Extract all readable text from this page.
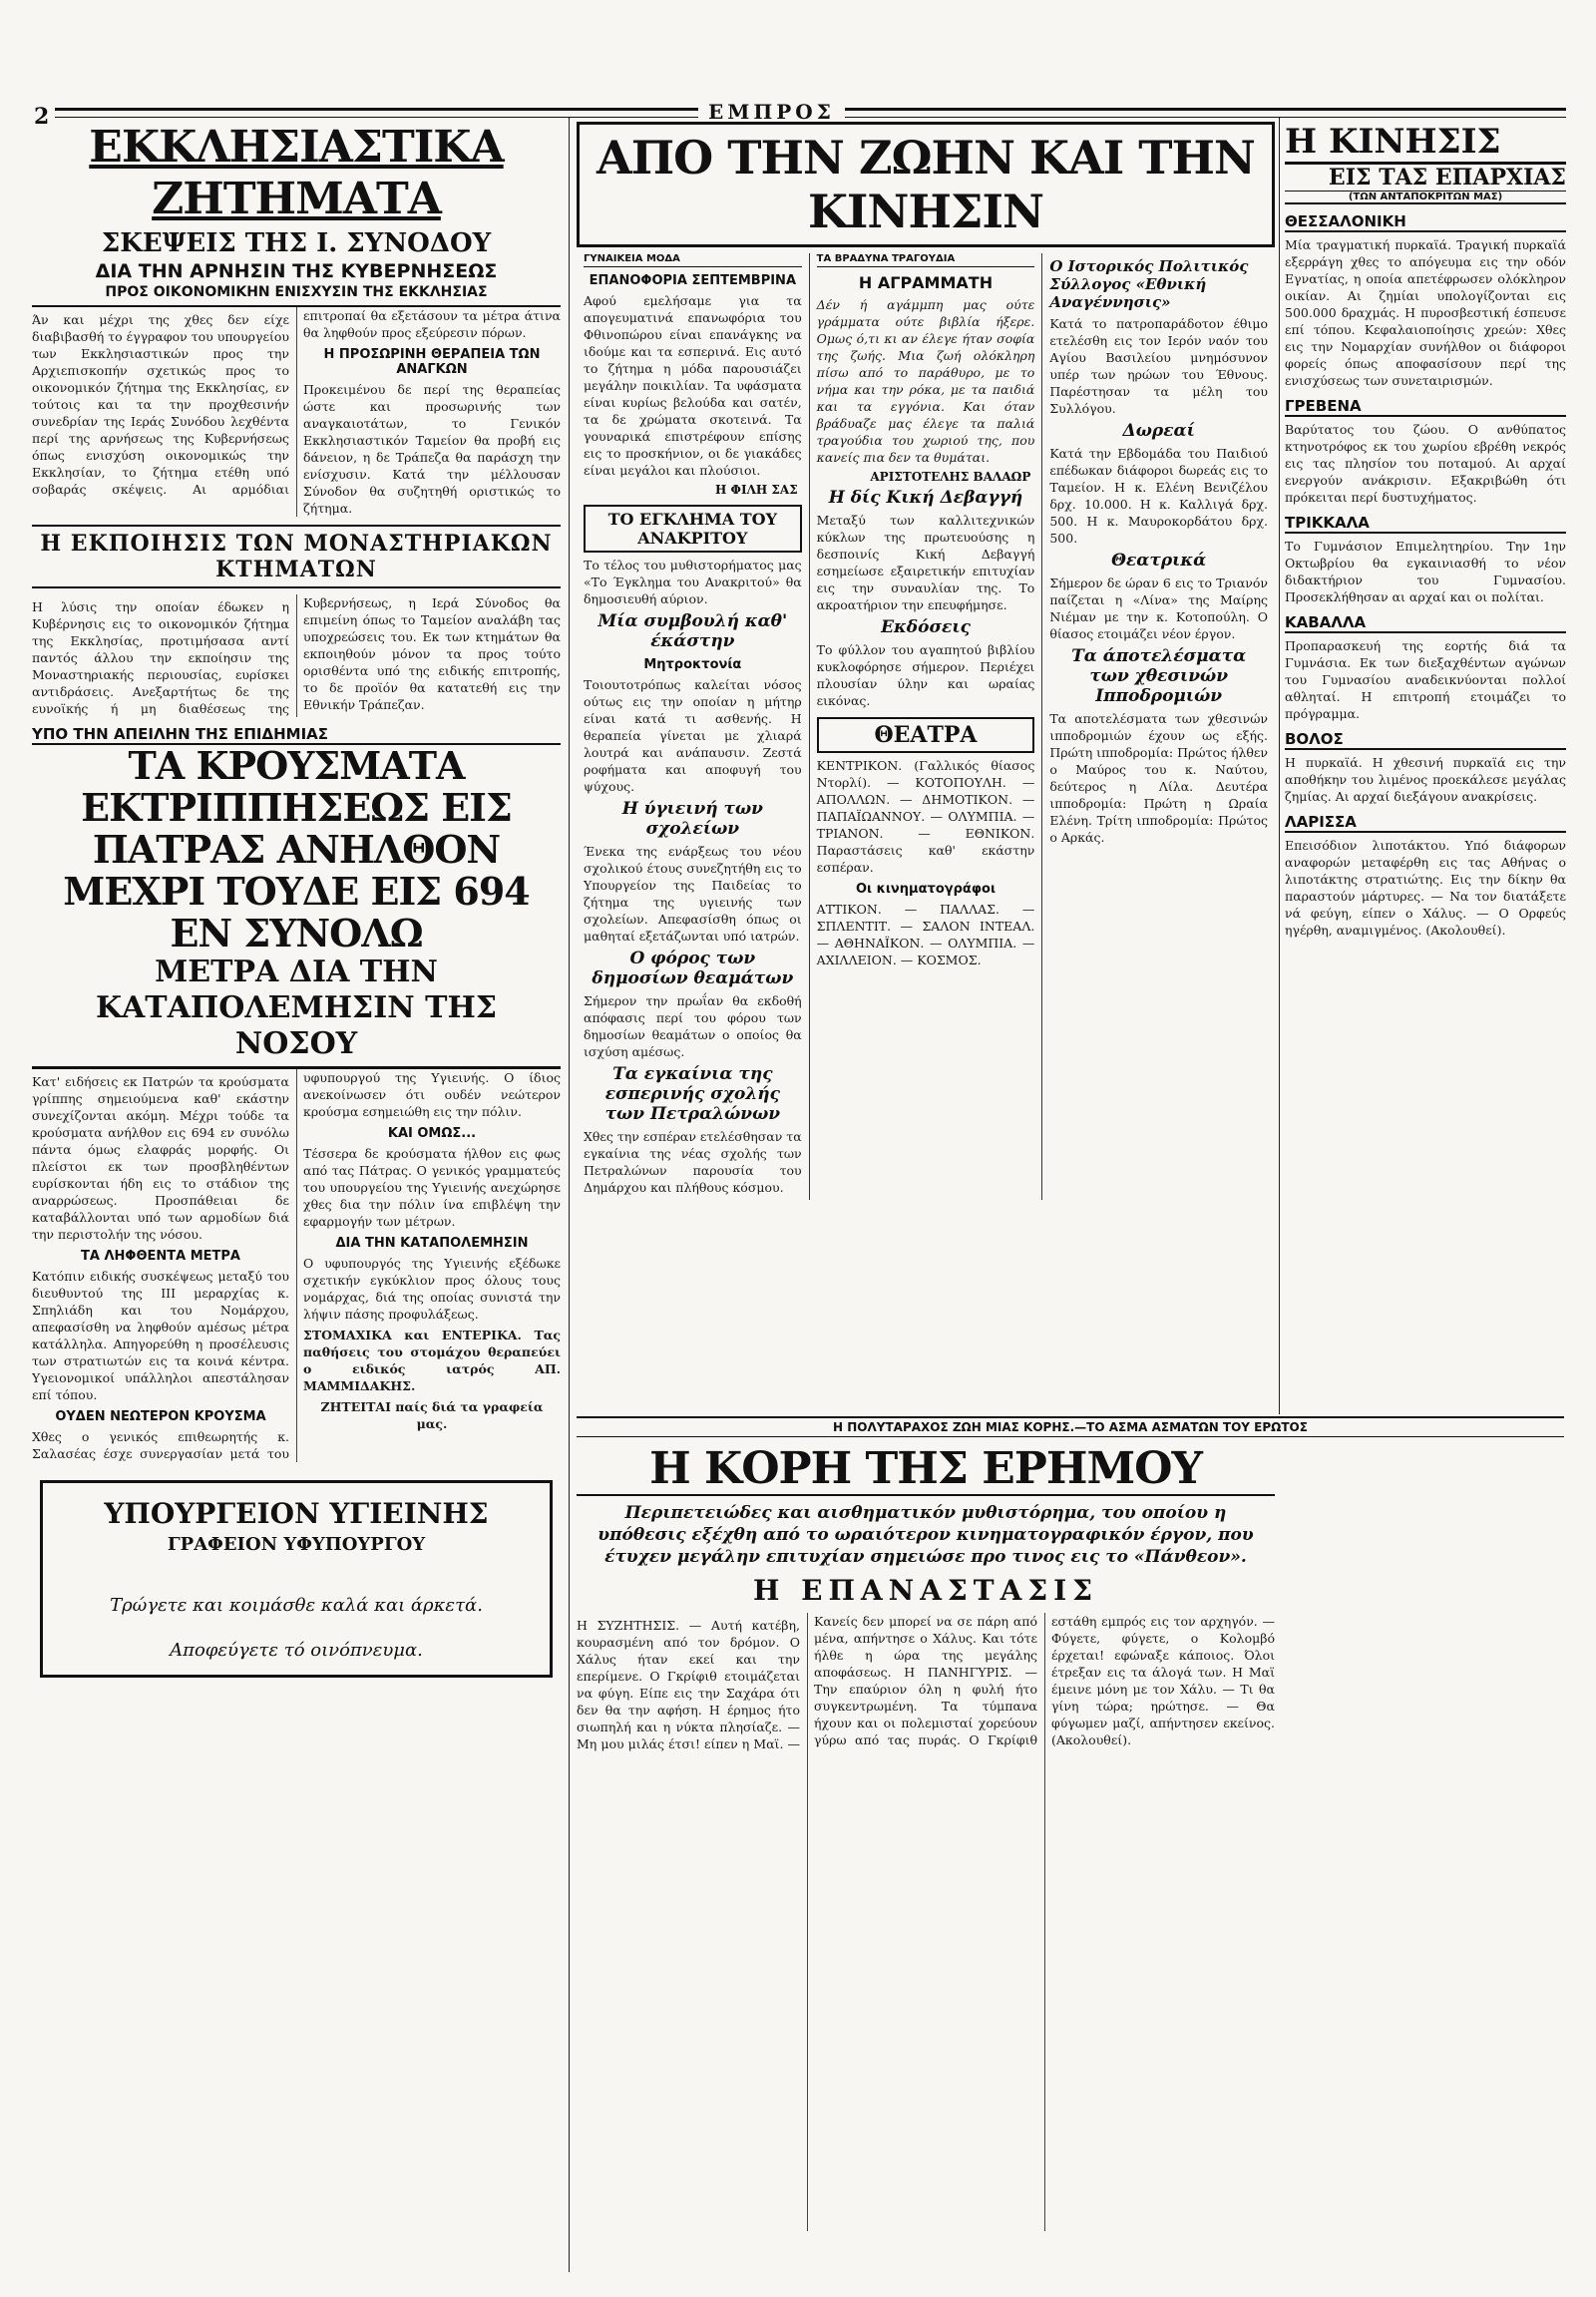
2	ΕΜΠΡΟΣ
ΕΚΚΛΗΣΙΑΣΤΙΚΑ ΖΗΤΗΜΑΤΑ
ΣΚΕΨΕΙΣ ΤΗΣ Ι. ΣΥΝΟΔΟΥ
ΔΙΑ ΤΗΝ ΑΡΝΗΣΙΝ ΤΗΣ ΚΥΒΕΡΝΗΣΕΩΣ
ΠΡΟΣ ΟΙΚΟΝΟΜΙΚΗΝ ΕΝΙΣΧΥΣΙΝ ΤΗΣ ΕΚΚΛΗΣΙΑΣ

Άν και μέχρι της χθες δεν είχε διαβιβασθή το έγγραφον του υπουργείου των Εκκλησιαστικών προς την Αρχιεπισκοπήν σχετικώς προς το οικονομικόν ζήτημα της Εκκλησίας, εν τούτοις και τα την προχθεσινήν συνεδρίαν της Ιεράς Συνόδου λεχθέντα περί της αρνήσεως της Κυβερνήσεως όπως ενισχύση οικονομικώς την Εκκλησίαν, το ζήτημα ετέθη υπό σοβαράς σκέψεις. Αι αρμόδιαι επιτροπαί θα εξετάσουν τα μέτρα άτινα θα ληφθούν προς εξεύρεσιν πόρων.

Η ΠΡΟΣΩΡΙΝΗ ΘΕΡΑΠΕΙΑ ΤΩΝ ΑΝΑΓΚΩΝ

Προκειμένου δε περί της θεραπείας ώστε και προσωρινής των αναγκαιοτάτων, το Γενικόν Εκκλησιαστικόν Ταμείον θα προβή εις δάνειον, η δε Τράπεζα θα παράσχη την ενίσχυσιν. Κατά την μέλλουσαν Σύνοδον θα συζητηθή οριστικώς το ζήτημα.

Η ΕΚΠΟΙΗΣΙΣ ΤΩΝ ΜΟΝΑΣΤΗΡΙΑΚΩΝ ΚΤΗΜΑΤΩΝ

Η λύσις την οποίαν έδωκεν η Κυβέρνησις εις το οικονομικόν ζήτημα της Εκκλησίας, προτιμήσασα αντί παντός άλλου την εκποίησιν της Μοναστηριακής περιουσίας, ευρίσκει αντιδράσεις. Ανεξαρτήτως δε της ευνοϊκής ή μη διαθέσεως της Κυβερνήσεως, η Ιερά Σύνοδος θα επιμείνη όπως το Ταμείον αναλάβη τας υποχρεώσεις του. Εκ των κτημάτων θα εκποιηθούν μόνον τα προς τούτο ορισθέντα υπό της ειδικής επιτροπής, το δε προϊόν θα κατατεθή εις την Εθνικήν Τράπεζαν.

ΥΠΟ ΤΗΝ ΑΠΕΙΛΗΝ ΤΗΣ ΕΠΙΔΗΜΙΑΣ
ΤΑ ΚΡΟΥΣΜΑΤΑ ΕΚΤΡΙΠΠΗΣΕΩΣ ΕΙΣ ΠΑΤΡΑΣ ΑΝΗΛΘΟΝ ΜΕΧΡΙ ΤΟΥΔΕ ΕΙΣ 694 ΕΝ ΣΥΝΟΛΩ
ΜΕΤΡΑ ΔΙΑ ΤΗΝ ΚΑΤΑΠΟΛΕΜΗΣΙΝ ΤΗΣ ΝΟΣΟΥ

Κατ' ειδήσεις εκ Πατρών τα κρούσματα γρίππης σημειούμενα καθ' εκάστην συνεχίζονται ακόμη. Μέχρι τούδε τα κρούσματα ανήλθον εις 694 εν συνόλω πάντα όμως ελαφράς μορφής. Οι πλείστοι εκ των προσβληθέντων ευρίσκονται ήδη εις το στάδιον της αναρρώσεως. Προσπάθειαι δε καταβάλλονται υπό των αρμοδίων διά την περιστολήν της νόσου.

ΤΑ ΛΗΦΘΕΝΤΑ ΜΕΤΡΑ

Κατόπιν ειδικής συσκέψεως μεταξύ του διευθυντού της ΙΙΙ μεραρχίας κ. Σπηλιάδη και του Νομάρχου, απεφασίσθη να ληφθούν αμέσως μέτρα κατάλληλα. Απηγορεύθη η προσέλευσις των στρατιωτών εις τα κοινά κέντρα. Υγειονομικοί υπάλληλοι απεστάλησαν επί τόπου.

ΟΥΔΕΝ ΝΕΩΤΕΡΟΝ ΚΡΟΥΣΜΑ

Χθες ο γενικός επιθεωρητής κ. Σαλασέας έσχε συνεργασίαν μετά του υφυπουργού της Υγιεινής. Ο ίδιος ανεκοίνωσεν ότι ουδέν νεώτερον κρούσμα εσημειώθη εις την πόλιν.

ΚΑΙ ΟΜΩΣ...

Τέσσερα δε κρούσματα ήλθον εις φως από τας Πάτρας. Ο γενικός γραμματεύς του υπουργείου της Υγιεινής ανεχώρησε χθες δια την πόλιν ίνα επιβλέψη την εφαρμογήν των μέτρων.

ΔΙΑ ΤΗΝ ΚΑΤΑΠΟΛΕΜΗΣΙΝ

Ο υφυπουργός της Υγιεινής εξέδωκε σχετικήν εγκύκλιον προς όλους τους νομάρχας, διά της οποίας συνιστά την λήψιν πάσης προφυλάξεως.

ΣΤΟΜΑΧΙΚΑ και ΕΝΤΕΡΙΚΑ. Τας παθήσεις του στομάχου θεραπεύει ο ειδικός ιατρός ΑΠ. ΜΑΜΜΙΔΑΚΗΣ.

ΖΗΤΕΙΤΑΙ παίς διά τα γραφεία μας.

ΥΠΟΥΡΓΕΙΟΝ ΥΓΙΕΙΝΗΣ
ΓΡΑΦΕΙΟΝ ΥΦΥΠΟΥΡΓΟΥ
Τρώγετε και κοιμάσθε καλά και άρκετά.
Αποφεύγετε τό οινόπνευμα.
ΑΠΟ ΤΗΝ ΖΩΗΝ ΚΑΙ ΤΗΝ ΚΙΝΗΣΙΝ
ΓΥΝΑΙΚΕΙΑ ΜΟΔΑ
ΕΠΑΝΟΦΟΡΙΑ ΣΕΠΤΕΜΒΡΙΝΑ

Αφού εμελήσαμε για τα απογευματινά επανωφόρια του Φθινοπώρου είναι επανάγκης να ιδούμε και τα εσπερινά. Εις αυτό το ζήτημα η μόδα παρουσιάζει μεγάλην ποικιλίαν. Τα υφάσματα είναι κυρίως βελούδα και σατέν, τα δε χρώματα σκοτεινά. Τα γουναρικά επιστρέφουν επίσης εις το προσκήνιον, οι δε γιακάδες είναι μεγάλοι και πλούσιοι.

Η ΦΙΛΗ ΣΑΣ
ΤΟ ΕΓΚΛΗΜΑ ΤΟΥ ΑΝΑΚΡΙΤΟΥ

Το τέλος του μυθιστορήματος μας «Το Έγκλημα του Ανακριτού» θα δημοσιευθή αύριον.

Μία συμβουλή καθ' έκάστην
Μητροκτονία

Τοιουτοτρόπως καλείται νόσος ούτως εις την οποίαν η μήτηρ είναι κατά τι ασθενής. Η θεραπεία γίνεται με χλιαρά λουτρά και ανάπαυσιν. Ζεστά ροφήματα και αποφυγή του ψύχους.

Η ύγιεινή των σχολείων

Ένεκα της ενάρξεως του νέου σχολικού έτους συνεζητήθη εις το Υπουργείον της Παιδείας το ζήτημα της υγιεινής των σχολείων. Απεφασίσθη όπως οι μαθηταί εξετάζωνται υπό ιατρών.

Ο φόρος των δημοσίων θεαμάτων

Σήμερον την πρωΐαν θα εκδοθή απόφασις περί του φόρου των δημοσίων θεαμάτων ο οποίος θα ισχύση αμέσως.

Τα εγκαίνια της εσπερινής σχολής των Πετραλώνων

Χθες την εσπέραν ετελέσθησαν τα εγκαίνια της νέας σχολής των Πετραλώνων παρουσία του Δημάρχου και πλήθους κόσμου.

ΤΑ ΒΡΑΔΥΝΑ ΤΡΑΓΟΥΔΙΑ
Η ΑΓΡΑΜΜΑΤΗ

Δέν ή αγάμμπη μας ούτε γράμματα ούτε βιβλία ήξερε. Ομως ό,τι κι αν έλεγε ήταν σοφία της ζωής. Μια ζωή ολόκληρη πίσω από το παράθυρο, με το νήμα και την ρόκα, με τα παιδιά και τα εγγόνια. Και όταν βράδυαζε μας έλεγε τα παλιά τραγούδια του χωριού της, που κανείς πια δεν τα θυμάται.

ΑΡΙΣΤΟΤΕΛΗΣ ΒΑΛΑΩΡ
Η δίς Κική Δεβαγγή

Μεταξύ των καλλιτεχνικών κύκλων της πρωτευούσης η δεσποινίς Κική Δεβαγγή εσημείωσε εξαιρετικήν επιτυχίαν εις την συναυλίαν της. Το ακροατήριον την επευφήμησε.

Εκδόσεις

Το φύλλον του αγαπητού βιβλίου κυκλοφόρησε σήμερον. Περιέχει πλουσίαν ύλην και ωραίας εικόνας.

ΘΕΑΤΡΑ

ΚΕΝΤΡΙΚΟΝ. (Γαλλικός θίασος Ντορλί). — ΚΟΤΟΠΟΥΛΗ. — ΑΠΟΛΛΩΝ. — ΔΗΜΟΤΙΚΟΝ. — ΠΑΠΑΪΩΑΝΝΟΥ. — ΟΛΥΜΠΙΑ. — ΤΡΙΑΝΟΝ. — ΕΘΝΙΚΟΝ. Παραστάσεις καθ' εκάστην εσπέραν.

Οι κινηματογράφοι

ΑΤΤΙΚΟΝ. — ΠΑΛΛΑΣ. — ΣΠΛΕΝΤΙΤ. — ΣΑΛΟΝ ΙΝΤΕΑΛ. — ΑΘΗΝΑΪΚΟΝ. — ΟΛΥΜΠΙΑ. — ΑΧΙΛΛΕΙΟΝ. — ΚΟΣΜΟΣ.

Ο Ιστορικός Πολιτικός Σύλλογος «Εθνική Αναγέννησις»

Κατά το πατροπαράδοτον έθιμο ετελέσθη εις τον Ιερόν ναόν του Αγίου Βασιλείου μνημόσυνον υπέρ των ηρώων του Έθνους. Παρέστησαν τα μέλη του Συλλόγου.

Δωρεαί

Κατά την Εβδομάδα του Παιδιού επέδωκαν διάφοροι δωρεάς εις το Ταμείον. Η κ. Ελένη Βενιζέλου δρχ. 10.000. Η κ. Καλλιγά δρχ. 500. Η κ. Μαυροκορδάτου δρχ. 500.

Θεατρικά

Σήμερον δε ώραν 6 εις το Τριανόν παίζεται η «Λίνα» της Μαίρης Νιέμαν με την κ. Κοτοπούλη. Ο θίασος ετοιμάζει νέον έργον.

Τα άποτελέσματα των χθεσινών Ιπποδρομιών

Τα αποτελέσματα των χθεσινών ιπποδρομιών έχουν ως εξής. Πρώτη ιπποδρομία: Πρώτος ήλθεν ο Μαύρος του κ. Ναύτου, δεύτερος η Λίλα. Δευτέρα ιπποδρομία: Πρώτη η Ωραία Ελένη. Τρίτη ιπποδρομία: Πρώτος ο Αρκάς.

Η ΠΟΛΥΤΑΡΑΧΟΣ ΖΩΗ ΜΙΑΣ ΚΟΡΗΣ.—ΤΟ ΑΣΜΑ ΑΣΜΑΤΩΝ ΤΟΥ ΕΡΩΤΟΣ
Η ΚΟΡΗ ΤΗΣ ΕΡΗΜΟΥ
Περιπετειώδες και αισθηματικόν μυθιστόρημα, του οποίου η υπόθεσις εξέχθη από το ωραιότερον κινηματογραφικόν έργον, που έτυχεν μεγάλην επιτυχίαν σημειώσε προ τινος εις το «Πάνθεον».
Η ΕΠΑΝΑΣΤΑΣΙΣ

Η ΣΥΖΗΤΗΣΙΣ. — Αυτή κατέβη, κουρασμένη από τον δρόμον. Ο Χάλυς ήταν εκεί και την επερίμενε. Ο Γκρίφιθ ετοιμάζεται να φύγη. Είπε εις την Σαχάρα ότι δεν θα την αφήση. Η έρημος ήτο σιωπηλή και η νύκτα πλησίαζε. — Μη μου μιλάς έτσι! είπεν η Μαϊ. — Κανείς δεν μπορεί να σε πάρη από μένα, απήντησε ο Χάλυς. Και τότε ήλθε η ώρα της μεγάλης αποφάσεως. Η ΠΑΝΗΓΥΡΙΣ. — Την επαύριον όλη η φυλή ήτο συγκεντρωμένη. Τα τύμπανα ήχουν και οι πολεμισταί χορεύουν γύρω από τας πυράς. Ο Γκρίφιθ εστάθη εμπρός εις τον αρχηγόν. — Φύγετε, φύγετε, ο Κολομβό έρχεται! εφώναξε κάποιος. Όλοι έτρεξαν εις τα άλογά των. Η Μαϊ έμεινε μόνη με τον Χάλυ. — Τι θα γίνη τώρα; ηρώτησε. — Θα φύγωμεν μαζί, απήντησεν εκείνος. (Ακολουθεί).

Η ΚΙΝΗΣΙΣ
ΕΙΣ ΤΑΣ ΕΠΑΡΧΙΑΣ
(ΤΩΝ ΑΝΤΑΠΟΚΡΙΤΩΝ ΜΑΣ)
ΘΕΣΣΑΛΟΝΙΚΗ

Μία τραγματική πυρκαϊά. Τραγική πυρκαϊά εξερράγη χθες το απόγευμα εις την οδόν Εγνατίας, η οποία απετέφρωσεν ολόκληρον οικίαν. Αι ζημίαι υπολογίζονται εις 500.000 δραχμάς. Η πυροσβεστική έσπευσε επί τόπου. Κεφαλαιοποίησις χρεών: Χθες εις την Νομαρχίαν συνήλθον οι διάφοροι φορείς όπως αποφασίσουν περί της ενισχύσεως των συνεταιρισμών.

ΓΡΕΒΕΝΑ

Βαρύτατος του ζώου. Ο ανθύπατος κτηνοτρόφος εκ του χωρίου εβρέθη νεκρός εις τας πλησίον του ποταμού. Αι αρχαί ενεργούν ανάκρισιν. Εξακριβώθη ότι πρόκειται περί δυστυχήματος.

ΤΡΙΚΚΑΛΑ

Το Γυμνάσιον Επιμελητηρίου. Την 1ην Οκτωβρίου θα εγκαινιασθή το νέον διδακτήριον του Γυμνασίου. Προσεκλήθησαν αι αρχαί και οι πολίται.

ΚΑΒΑΛΛΑ

Προπαρασκευή της εορτής διά τα Γυμνάσια. Εκ των διεξαχθέντων αγώνων του Γυμνασίου αναδεικνύονται πολλοί αθληταί. Η επιτροπή ετοιμάζει το πρόγραμμα.

ΒΟΛΟΣ

Η πυρκαϊά. Η χθεσινή πυρκαϊά εις την αποθήκην του λιμένος προεκάλεσε μεγάλας ζημίας. Αι αρχαί διεξάγουν ανακρίσεις.

ΛΑΡΙΣΣΑ

Επεισόδιον λιποτάκτου. Υπό διάφορων αναφορών μεταφέρθη εις τας Αθήνας ο λιποτάκτης στρατιώτης. Εις την δίκην θα παραστούν μάρτυρες. — Να τον διατάξετε νά φεύγη, είπεν ο Χάλυς. — Ο Ορφεύς ηγέρθη, αναμιγμένος. (Ακολουθεί).
